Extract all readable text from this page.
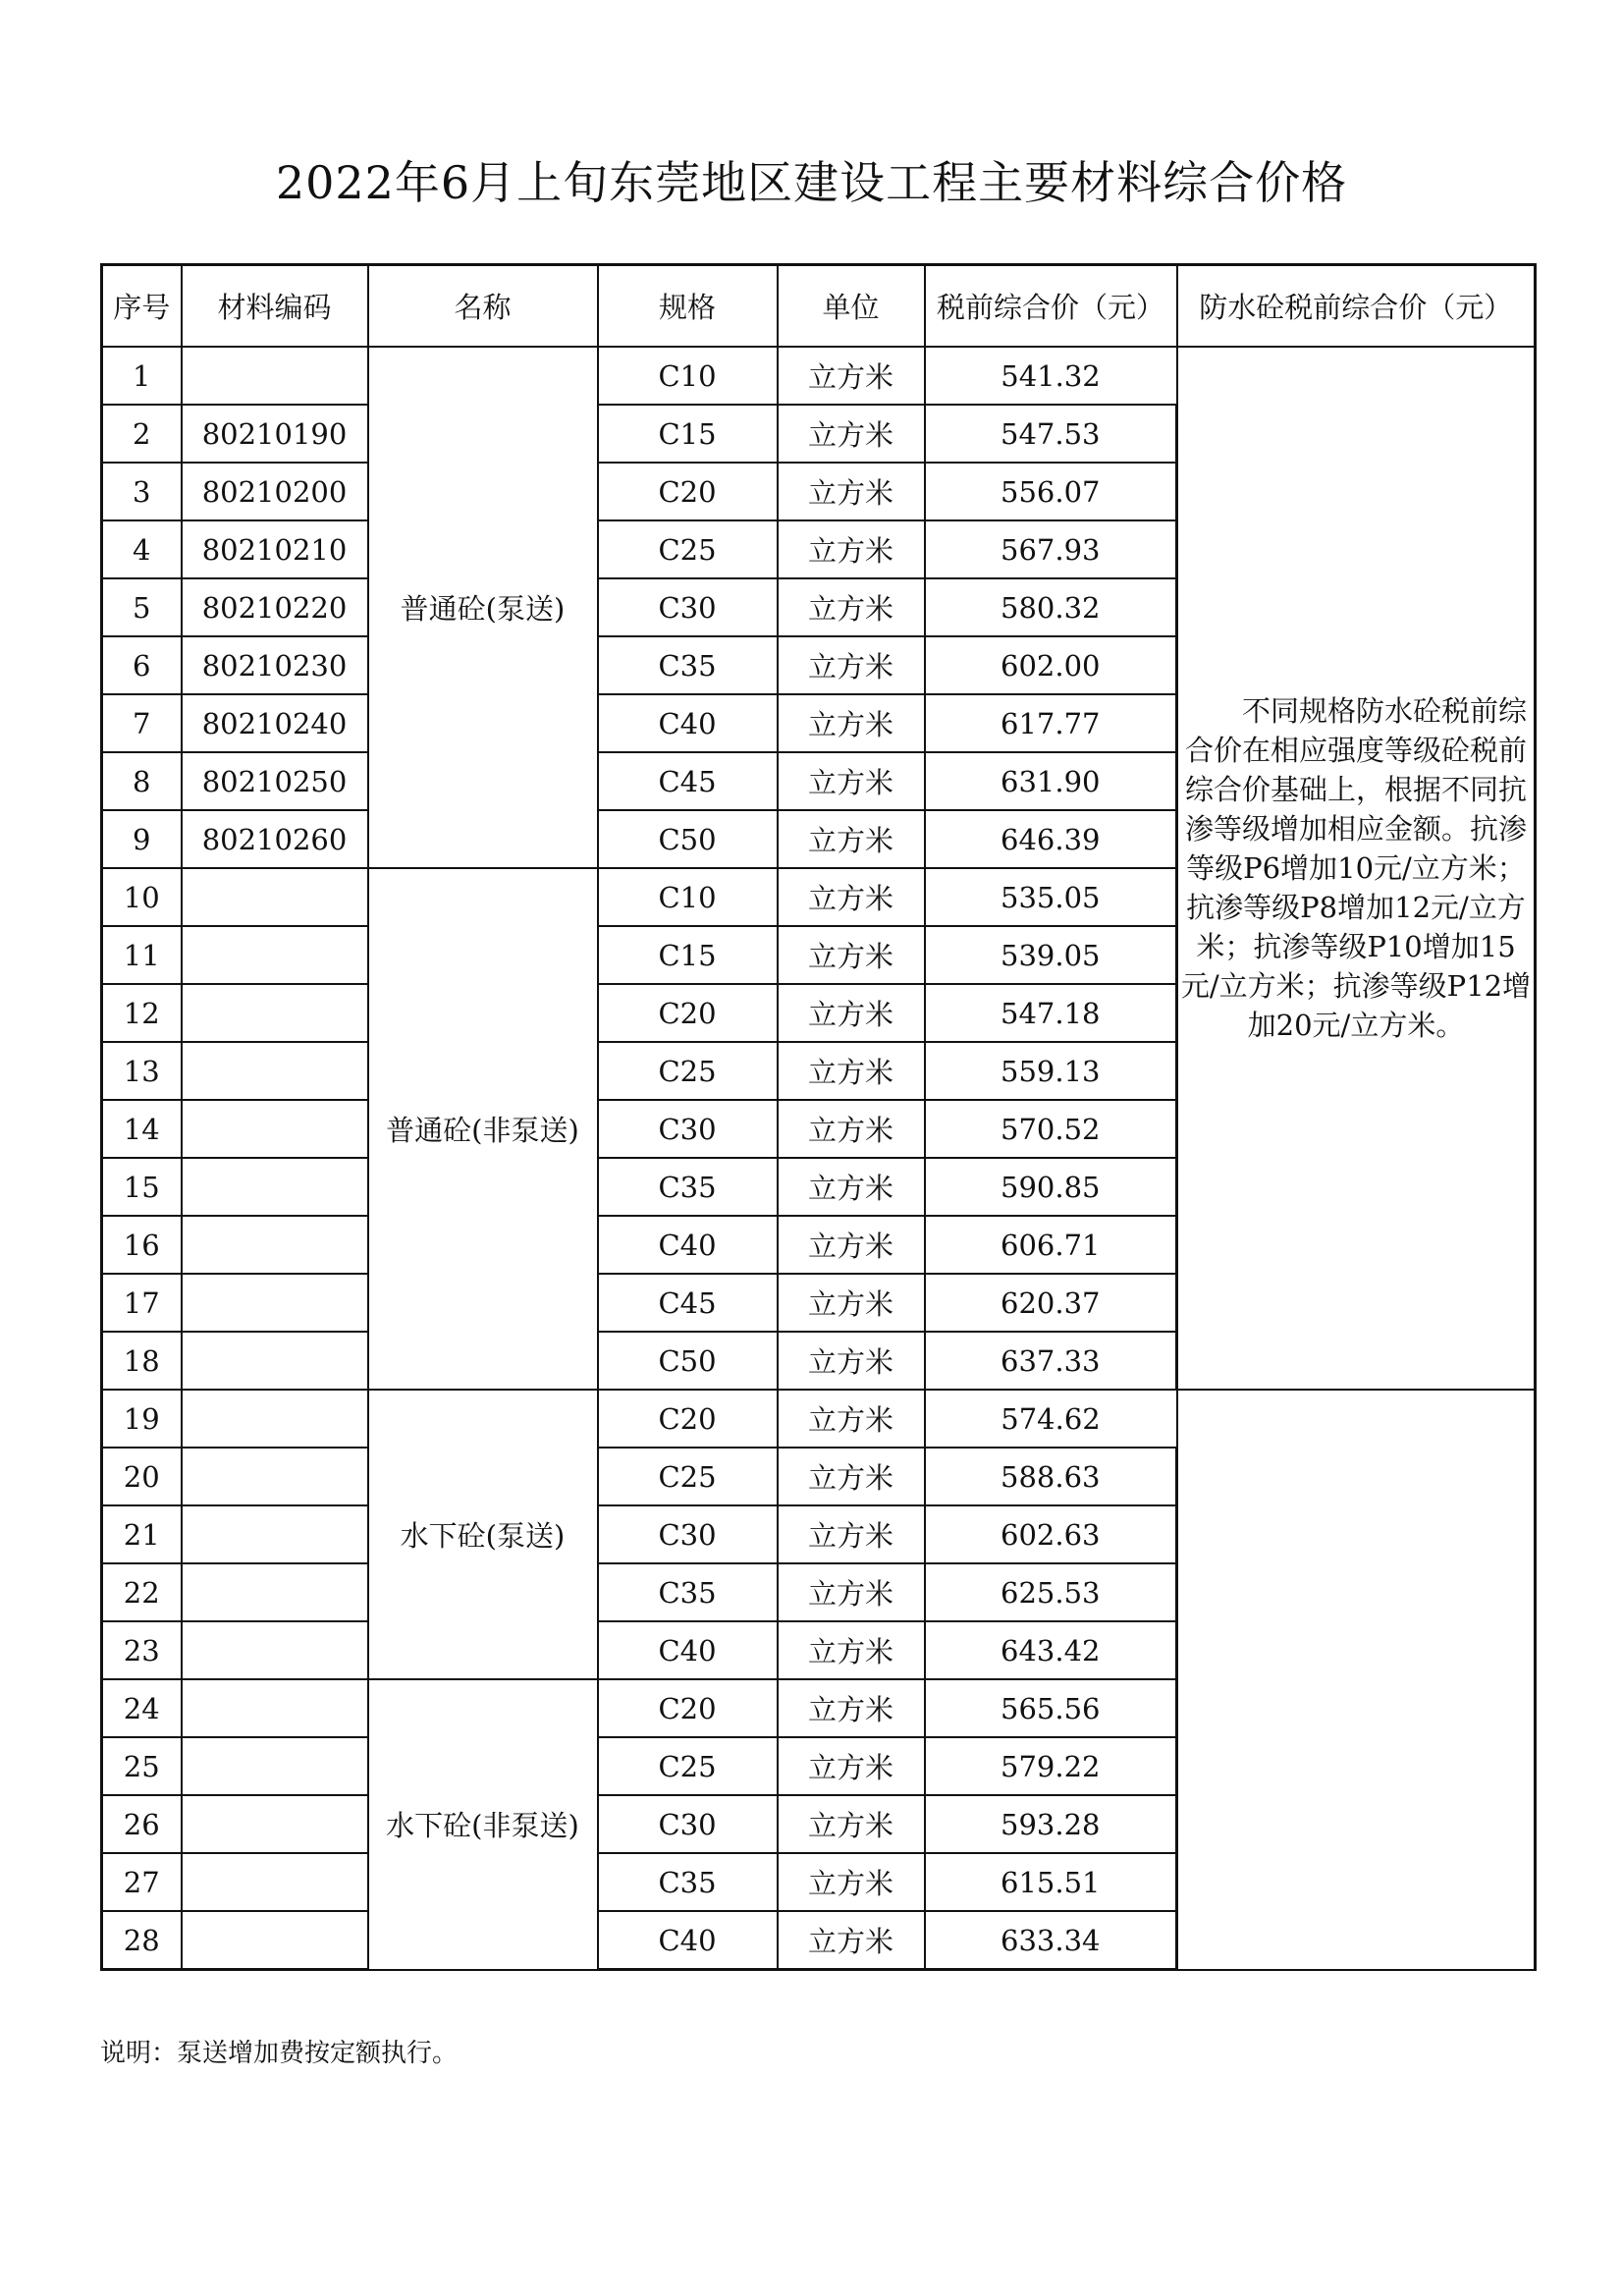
2022年6月上旬东莞地区建设工程主要材料综合价格
序号	材料编码	名称	规格	单位	税前综合价（元）	防水砼税前综合价（元）
1		普通砼(泵送)	C10	立方米	541.32	不同规格防水砼税前综合价在相应强度等级砼税前综合价基础上，根据不同抗渗等级增加相应金额。抗渗等级P6增加10元/立方米；抗渗等级P8增加12元/立方米；抗渗等级P10增加15元/立方米；抗渗等级P12增加20元/立方米。

2	80210190		C15	立方米	547.53	
3	80210200		C20	立方米	556.07	
4	80210210		C25	立方米	567.93	
5	80210220		C30	立方米	580.32	
6	80210230		C35	立方米	602.00	
7	80210240		C40	立方米	617.77	
8	80210250		C45	立方米	631.90	
9	80210260		C50	立方米	646.39	
10		普通砼(非泵送)	C10	立方米	535.05	
11			C15	立方米	539.05	
12			C20	立方米	547.18	
13			C25	立方米	559.13	
14			C30	立方米	570.52	
15			C35	立方米	590.85	
16			C40	立方米	606.71	
17			C45	立方米	620.37	
18			C50	立方米	637.33	
19		水下砼(泵送)	C20	立方米	574.62	
20			C25	立方米	588.63	
21			C30	立方米	602.63	
22			C35	立方米	625.53	
23			C40	立方米	643.42	
24		水下砼(非泵送)	C20	立方米	565.56	
25			C25	立方米	579.22	
26			C30	立方米	593.28	
27			C35	立方米	615.51	
28			C40	立方米	633.34	
说明：泵送增加费按定额执行。
